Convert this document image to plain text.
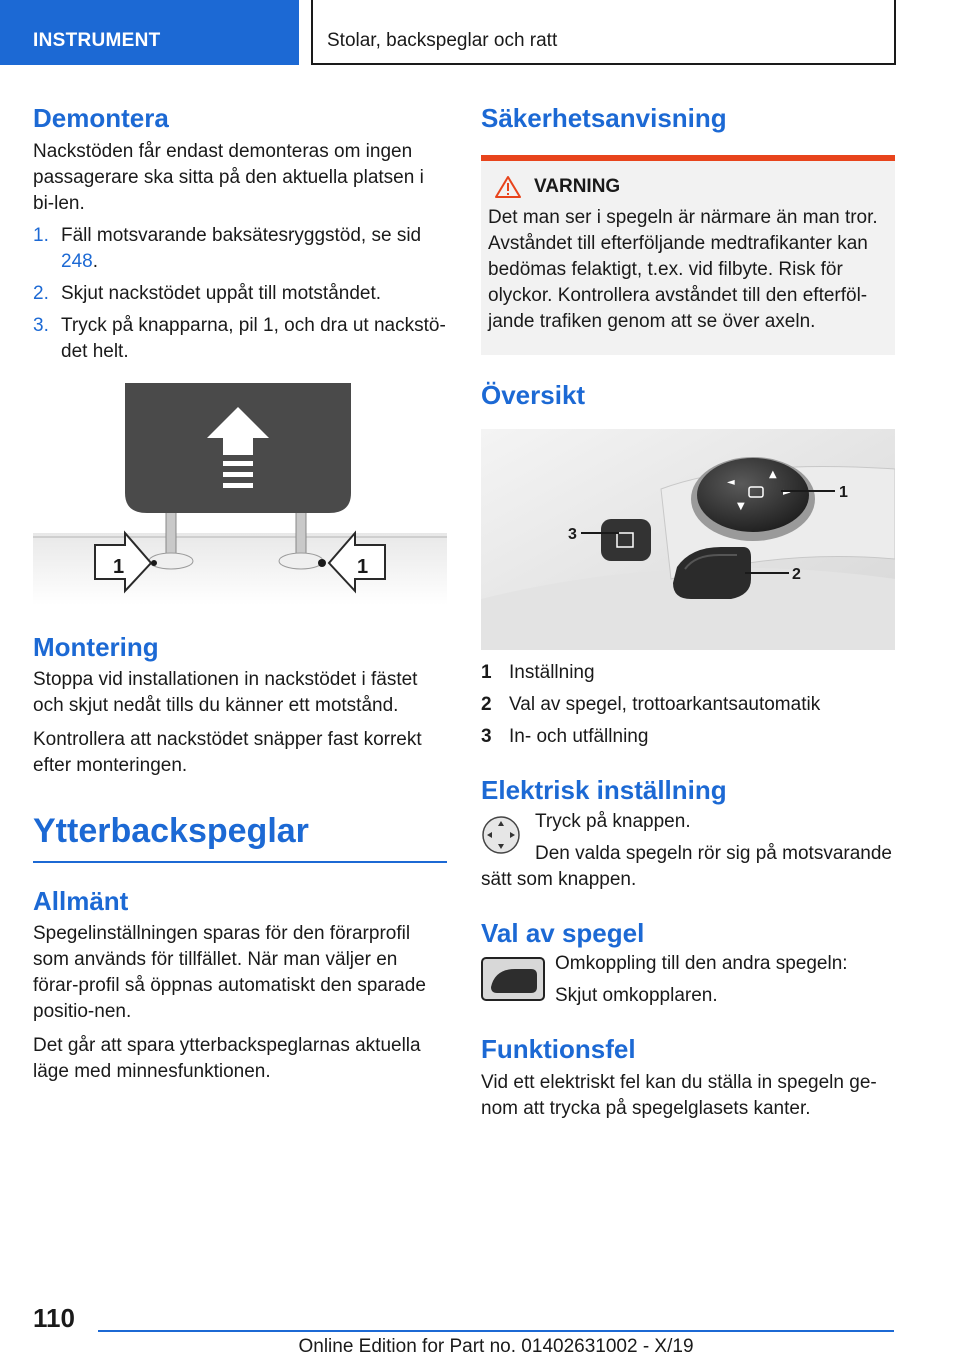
INSTRUMENT	Stolar, backspeglar och ratt
Demontera

Nackstöden får endast demonteras om ingen passagerare ska sitta på den aktuella platsen i bi-len.

1. Fäll motsvarande baksätesryggstöd, se sid 248.
2. Skjut nackstödet uppåt till motståndet.
3. Tryck på knapparna, pil 1, och dra ut nackstö-det helt.
1	1
Montering

Stoppa vid installationen in nackstödet i fästet och skjut nedåt tills du känner ett motstånd.

Kontrollera att nackstödet snäpper fast korrekt efter monteringen.

Ytterbackspeglar
Allmänt

Spegelinställningen sparas för den förarprofil som används för tillfället. När man väljer en förar-profil så öppnas automatiskt den sparade positio-nen.

Det går att spara ytterbackspeglarnas aktuella läge med minnesfunktionen.

Säkerhetsanvisning
VARNING

Det man ser i spegeln är närmare än man tror. Avståndet till efterföljande medtrafikanter kan bedömas felaktigt, t.ex. vid filbyte. Risk för olyckor. Kontrollera avståndet till den efterföl-jande trafiken genom att se över axeln.

Översikt
◄
▲
►
▼
1
2
3
1 Inställning
2 Val av spegel, trottoarkantsautomatik
3 In- och utfällning
Elektrisk inställning

Tryck på knappen.

Den valda spegeln rör sig på motsvarande sätt som knappen.

Val av spegel

Omkoppling till den andra spegeln:

Skjut omkopplaren.

Funktionsfel

Vid ett elektriskt fel kan du ställa in spegeln ge-nom att trycka på spegelglasets kanter.

110
Online Edition for Part no. 01402631002 - X/19
